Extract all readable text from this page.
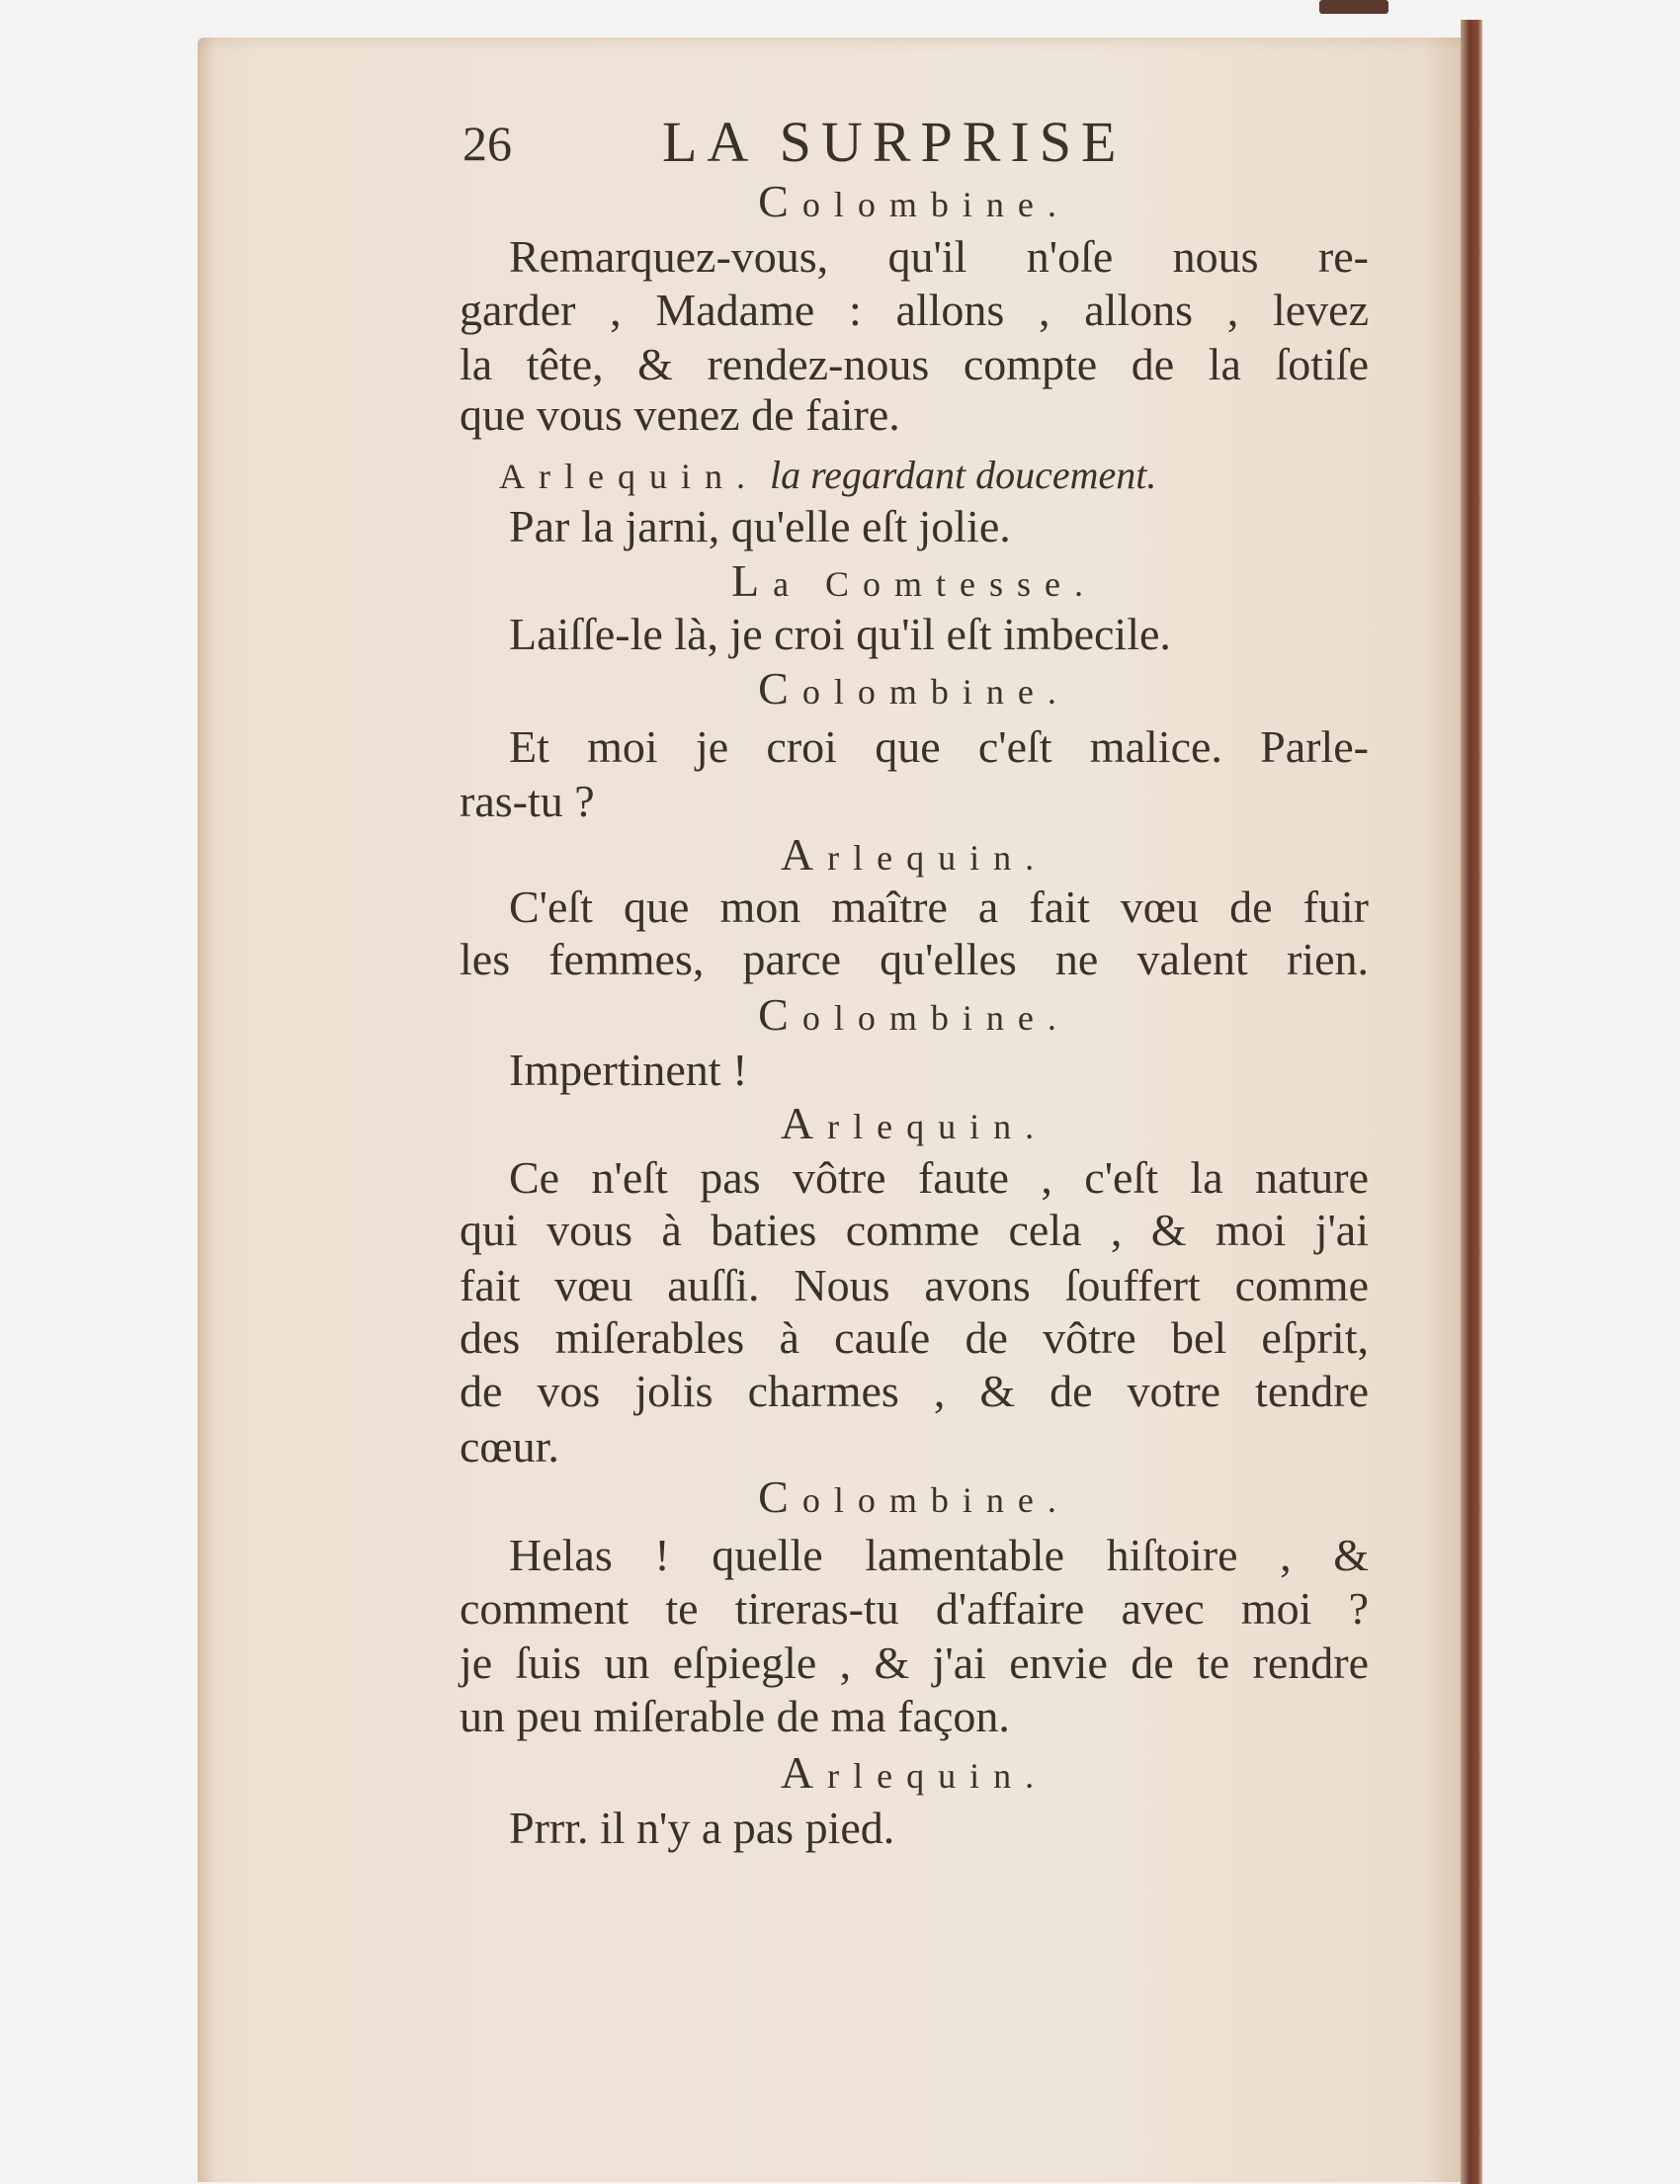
26	LA SURPRISE
Colombine.
Remarquez-vous, qu'il n'oſe nous re-
garder , Madame : allons , allons , levez
la tête, & rendez-nous compte de la ſotiſe
que vous venez de faire.
Arlequin. la regardant doucement.
Par la jarni, qu'elle eſt jolie.
La Comtesse.
Laiſſe-le là, je croi qu'il eſt imbecile.
Colombine.
Et moi je croi que c'eſt malice. Parle-
ras-tu ?
Arlequin.
C'eſt que mon maître a fait vœu de fuir
les femmes, parce qu'elles ne valent rien.
Colombine.
Impertinent !
Arlequin.
Ce n'eſt pas vôtre faute , c'eſt la nature
qui vous à baties comme cela , & moi j'ai
fait vœu auſſi. Nous avons ſouffert comme
des miſerables à cauſe de vôtre bel eſprit,
de vos jolis charmes , & de votre tendre
cœur.
Colombine.
Helas ! quelle lamentable hiſtoire , &
comment te tireras-tu d'affaire avec moi ?
je ſuis un eſpiegle , & j'ai envie de te rendre
un peu miſerable de ma façon.
Arlequin.
Prrr. il n'y a pas pied.
